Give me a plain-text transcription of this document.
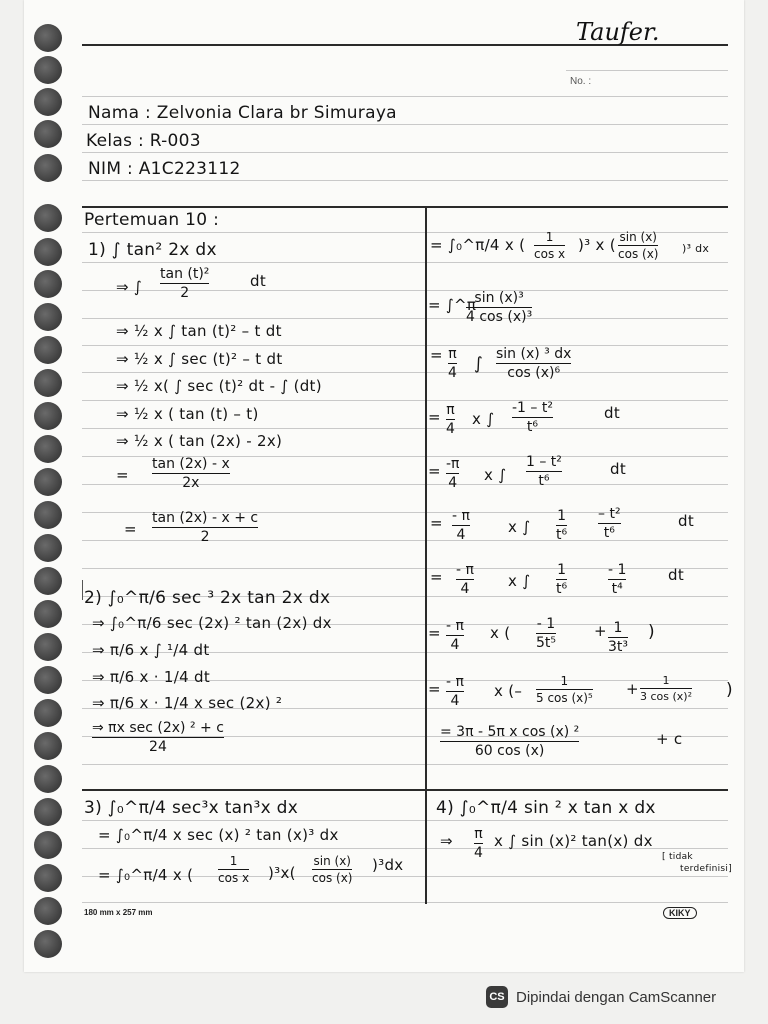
Taufer.
No. :
Nama : Zelvonia Clara br Simuraya
Kelas : R-003
NIM : A1C223112
Pertemuan 10 :
1) ∫ tan² 2x dx
⇒ ∫
tan (t)²
2
dt
⇒ ½ x ∫ tan (t)² – t dt
⇒ ½ x ∫ sec (t)² – t dt
⇒ ½ x( ∫ sec (t)² dt - ∫ (dt)
⇒ ½ x ( tan (t) – t)
⇒ ½ x ( tan (2x) - 2x)
=
tan (2x) - x
2x
=
tan (2x) - x + c
2
2) ∫₀^π/6 sec ³ 2x tan 2x dx
⇒ ∫₀^π/6 sec (2x) ² tan (2x) dx
⇒ π/6 x ∫ ¹/4 dt
⇒ π/6 x · 1/4 dt
⇒ π/6 x · 1/4 x sec (2x) ²
⇒ πx sec (2x) ² + c
24
3) ∫₀^π/4 sec³x tan³x dx
= ∫₀^π/4 x sec (x) ² tan (x)³ dx
= ∫₀^π/4 x (
1
cos x )³x(
sin (x)
cos (x)
)³dx
= ∫₀^π/4 x ( 1
cos x )³ x ( sin (x)
cos (x) )³ dx
= ∫^π
sin (x)³
4 cos (x)³
= π
4 ∫ sin (x) ³ dx
cos (x)⁶
= π
4
x ∫
-1 – t²
t⁶
dt
= -π
4 x ∫
1 – t²
t⁶
dt
= - π
4	x ∫
1
t⁶
– t²
t⁶
dt
= - π
4	x ∫
1
t⁶
- 1
t⁴
dt
= - π
4
x ( - 1
5t⁵
+ 1
3t³
)
= - π
4
x (–
1
5 cos (x)⁵ + 1
3 cos (x)² )
= 3π - 5π x cos (x) ²
60 cos (x)
+ c
4) ∫₀^π/4 sin ² x tan x dx
⇒ π
4
x ∫ sin (x)² tan(x) dx
[ tidak
terdefinisi]
180 mm x 257 mm	KIKY
CS Dipindai dengan CamScanner
